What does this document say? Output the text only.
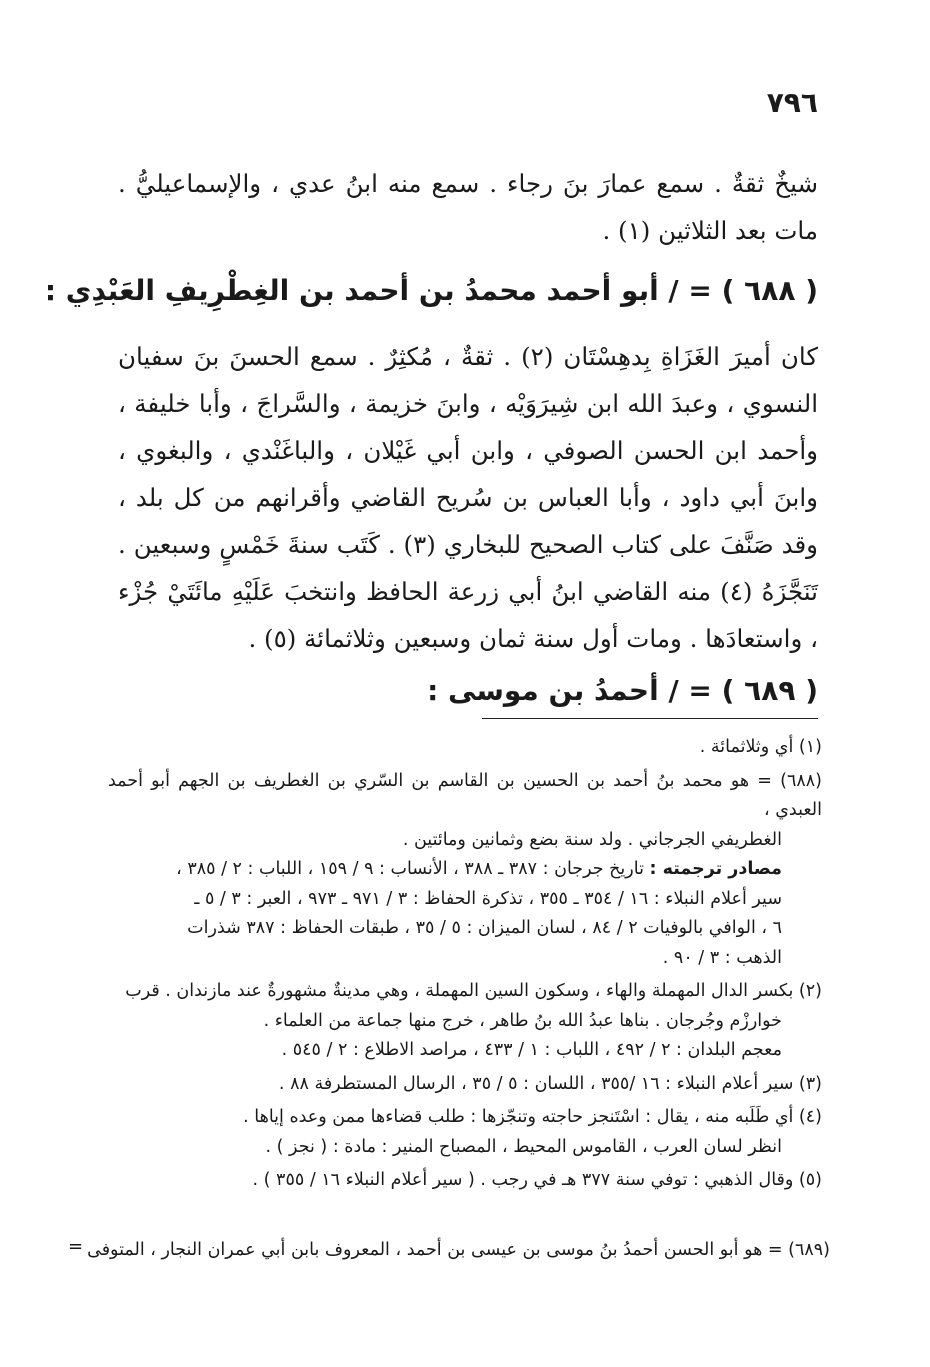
٧٩٦

شيخٌ ثقةٌ . سمع عمارَ بنَ رجاء . سمع منه ابنُ عدي ، والإسماعيليُّ . مات بعد الثلاثين (١) .

( ٦٨٨ ) = / أبو أحمد محمدُ بن أحمد بن الغِطْرِيفِ العَبْدِي :

كان أميرَ الغَزَاةِ بِدهِسْتَان (٢) . ثقةٌ ، مُكثِرٌ . سمع الحسنَ بنَ سفيان النسوي ، وعبدَ الله ابن شِيرَوَيْه ، وابنَ خزيمة ، والسَّراجَ ، وأبا خليفة ، وأحمد ابن الحسن الصوفي ، وابن أبي غَيْلان ، والباغَنْدي ، والبغوي ، وابنَ أبي داود ، وأبا العباس بن سُريح القاضي وأقرانهم من كل بلد ، وقد صَنَّفَ على كتاب الصحيح للبخاري (٣) . كَتَب سنةَ خَمْسٍ وسبعين . تَنَجَّزَهُ (٤) منه القاضي ابنُ أبي زرعة الحافظ وانتخبَ عَلَيْهِ مائَتَيْ جُزْء ، واستعادَها . ومات أول سنة ثمان وسبعين وثلاثمائة (٥) .

( ٦٨٩ ) = / أحمدُ بن موسى :
(١) أي وثلاثمائة .
(٦٨٨) = هو محمد بنُ أحمد بن الحسين بن القاسم بن السّري بن الغطريف بن الجهم أبو أحمد العبدي ،
الغطريفي الجرجاني . ولد سنة بضع وثمانين ومائتين .
مصادر ترجمته : تاريخ جرجان : ٣٨٧ ـ ٣٨٨ ، الأنساب : ٩ / ١٥٩ ، اللباب : ٢ / ٣٨٥ ،
سير أعلام النبلاء : ١٦ / ٣٥٤ ـ ٣٥٥ ، تذكرة الحفاظ : ٣ / ٩٧١ ـ ٩٧٣ ، العبر : ٣ / ٥ ـ
٦ ، الوافي بالوفيات ٢ / ٨٤ ، لسان الميزان : ٥ / ٣٥ ، طبقات الحفاظ : ٣٨٧ شذرات
الذهب : ٣ / ٩٠ .
(٢) بكسر الدال المهملة والهاء ، وسكون السين المهملة ، وهي مدينةٌ مشهورةٌ عند مازندان . قرب
خوارزْم وجُرجان . بناها عبدُ الله بنُ طاهر ، خرج منها جماعة من العلماء .
معجم البلدان : ٢ / ٤٩٢ ، اللباب : ١ / ٤٣٣ ، مراصد الاطلاع : ٢ / ٥٤٥ .
(٣) سير أعلام النبلاء : ١٦ /٣٥٥ ، اللسان : ٥ / ٣٥ ، الرسال المستطرفة ٨٨ .
(٤) أي طَلَبه منه ، يقال : اسْتَنجز حاجته وتنجّزها : طلب قضاءها ممن وعده إياها .
انظر لسان العرب ، القاموس المحيط ، المصباح المنير : مادة : ( نجز ) .
(٥) وقال الذهبي : توفي سنة ٣٧٧ هـ في رجب . ( سير أعلام النبلاء ١٦ / ٣٥٥ ) .
(٦٨٩) = هو أبو الحسن أحمدُ بنُ موسى بن عيسى بن أحمد ، المعروف بابن أبي عمران النجار ، المتوفى
=
